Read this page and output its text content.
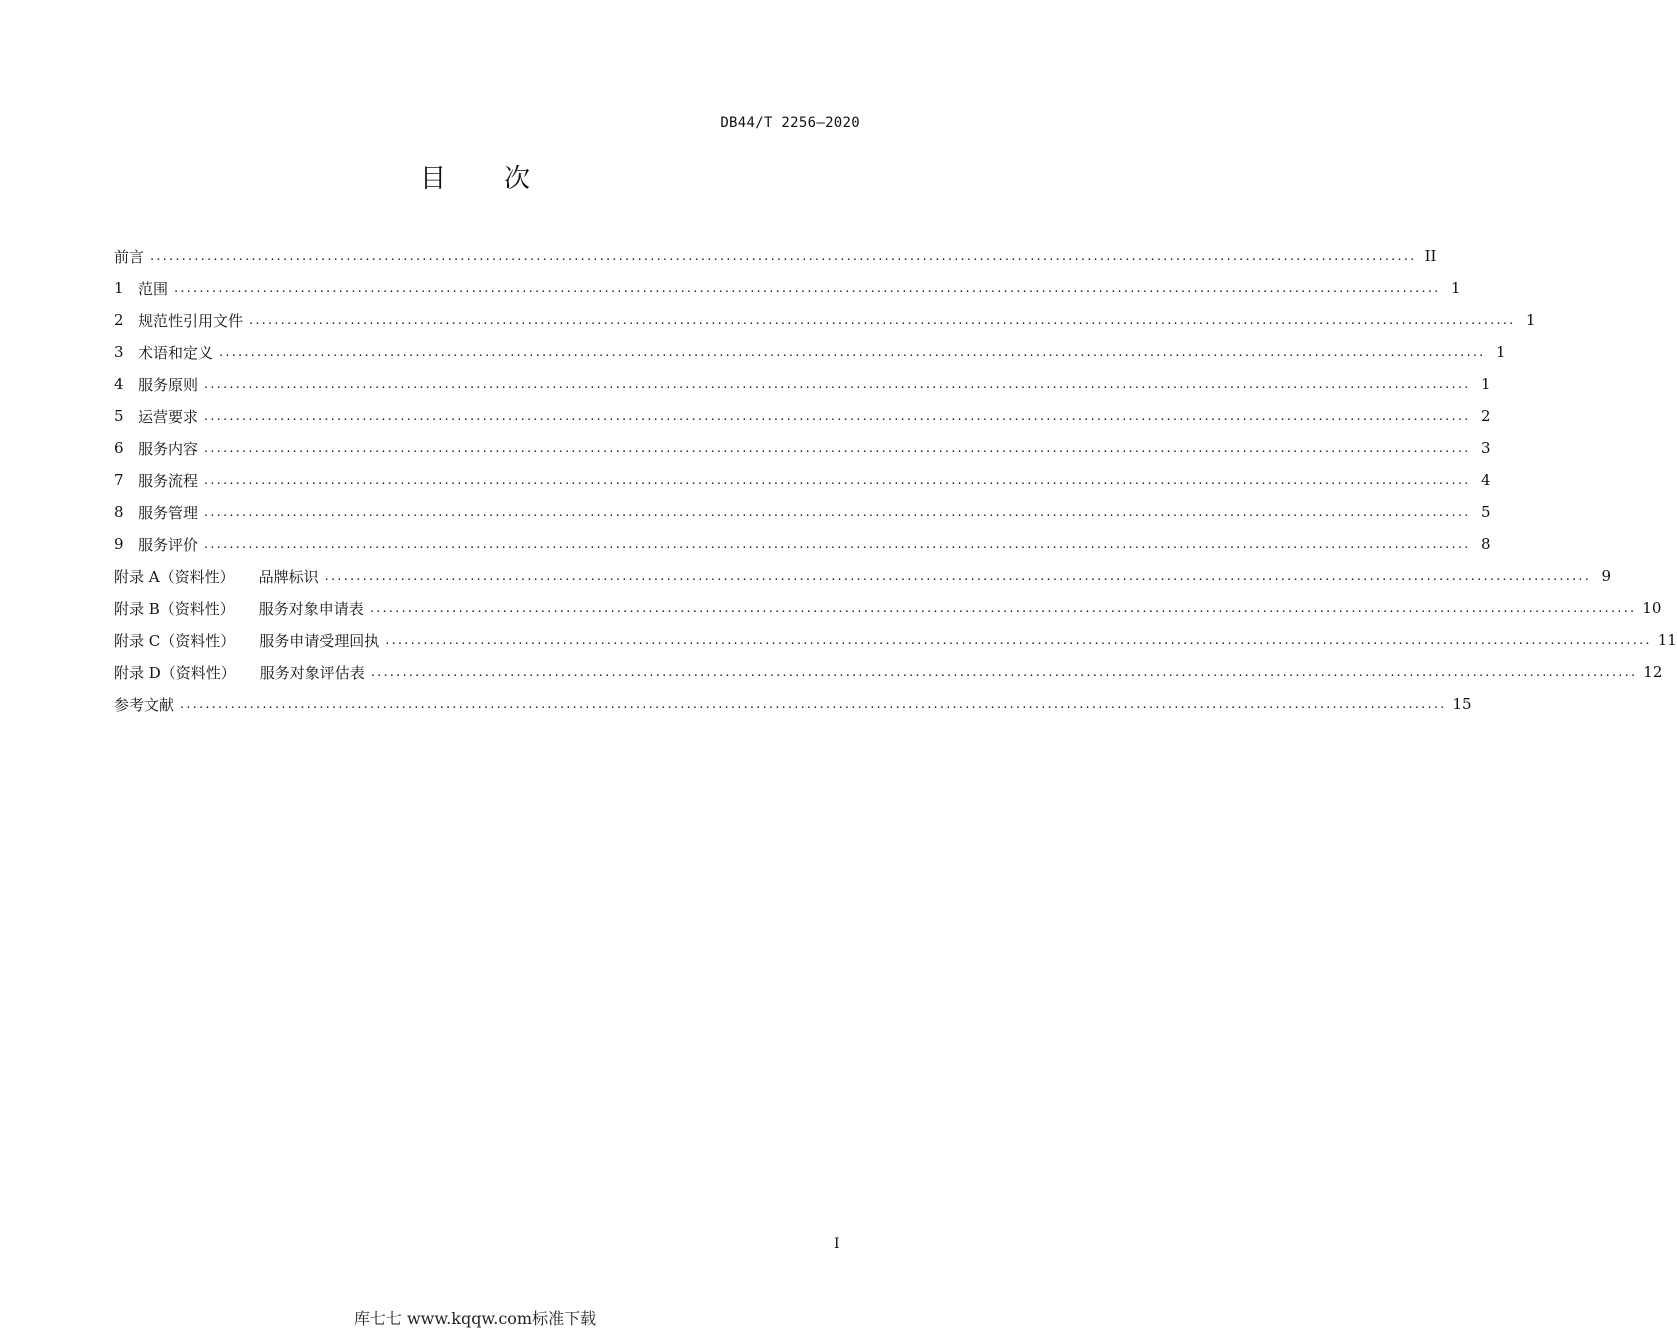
DB44/T 2256—2020
目 次
前言 ........................................................................................................................................................................................................ II
1 范围 ........................................................................................................................................................................................................ 1
2 规范性引用文件 ........................................................................................................................................................................................................ 1
3 术语和定义 ........................................................................................................................................................................................................ 1
4 服务原则 ........................................................................................................................................................................................................ 1
5 运营要求 ........................................................................................................................................................................................................ 2
6 服务内容 ........................................................................................................................................................................................................ 3
7 服务流程 ........................................................................................................................................................................................................ 4
8 服务管理 ........................................................................................................................................................................................................ 5
9 服务评价 ........................................................................................................................................................................................................ 8
附录 A（资料性） 品牌标识 ........................................................................................................................................................................................................ 9
附录 B（资料性） 服务对象申请表 ........................................................................................................................................................................................................ 10
附录 C（资料性） 服务申请受理回执 ........................................................................................................................................................................................................ 11
附录 D（资料性） 服务对象评估表 ........................................................................................................................................................................................................ 12
参考文献 ........................................................................................................................................................................................................ 15
I
库七七 www.kqqw.com标准下载
